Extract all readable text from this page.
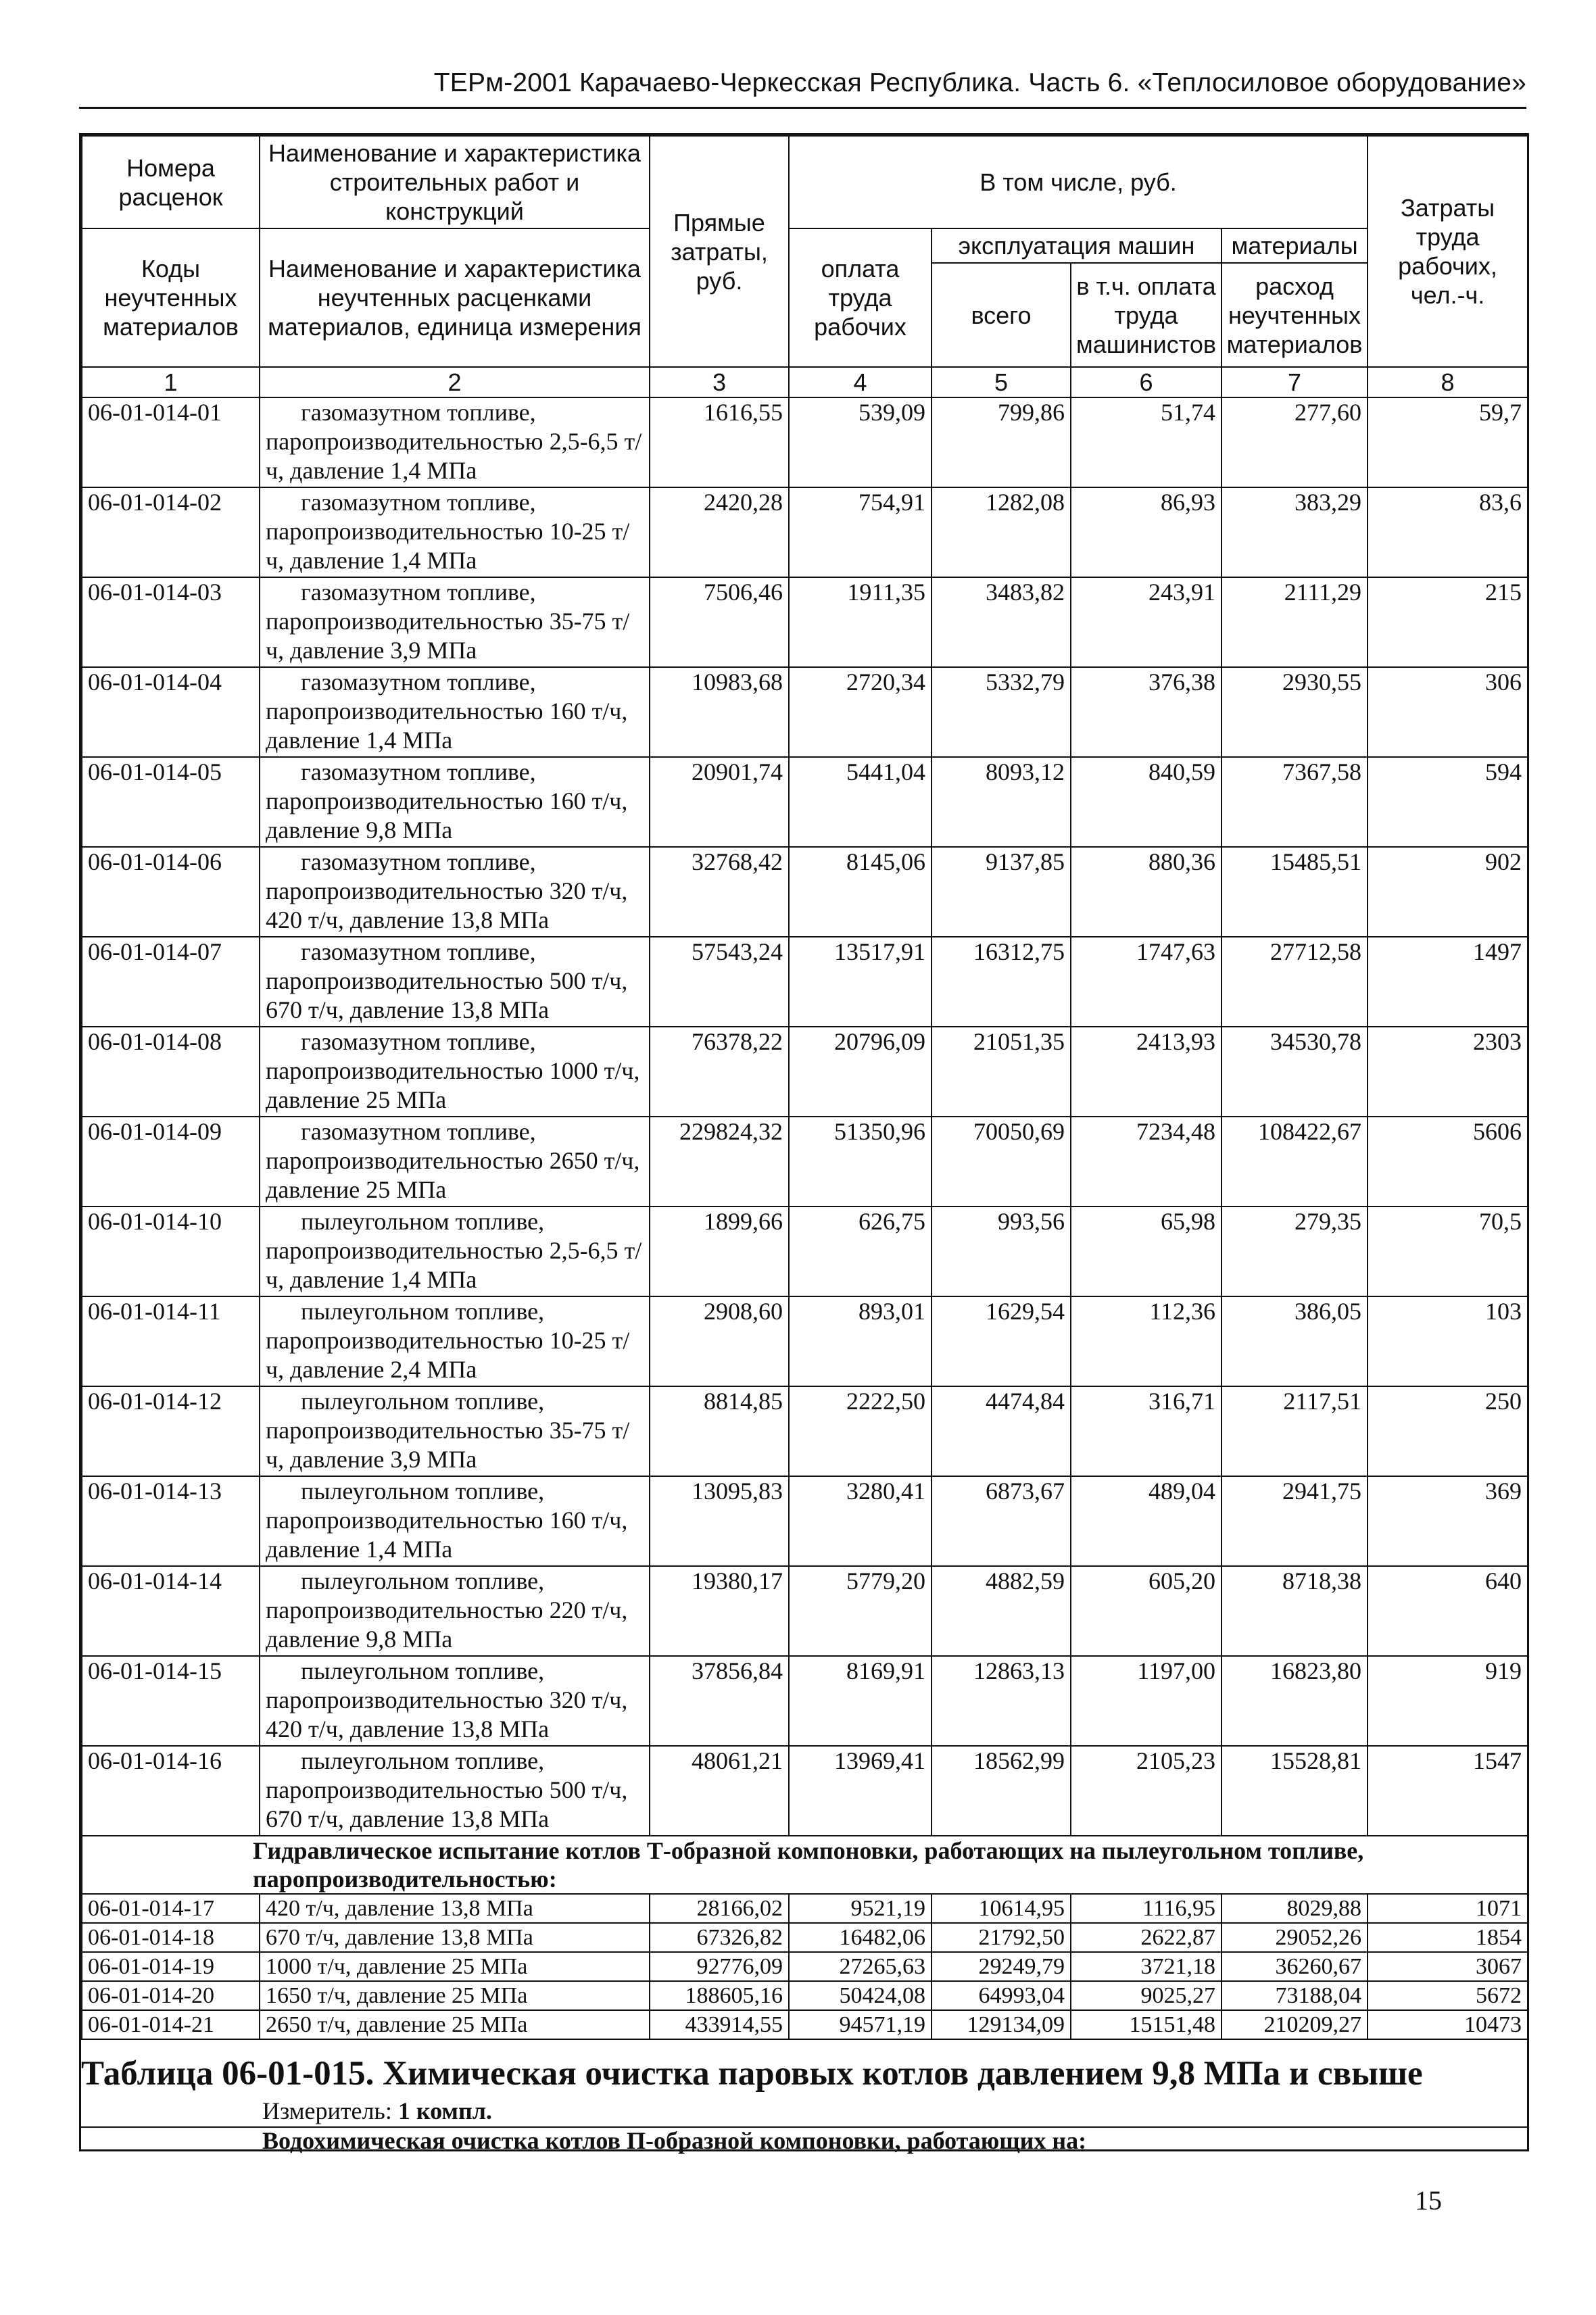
ТЕРм-2001 Карачаево-Черкесская Республика. Часть 6. «Теплосиловое оборудование»
Номера расценок	Наименование и характеристика строительных работ и конструкций	Прямые затраты, руб.	В том числе, руб.				Затраты труда рабочих, чел.-ч.
Коды неучтенных материалов	Наименование и характеристика неучтенных расценками материалов, единица измерения		оплата труда рабочих	эксплуатация машин		материалы	
				всего	в т.ч. оплата труда машинистов	расход неучтенных материалов	
1	2	3	4	5	6	7	8
06-01-014-01	газомазутном топливе, паропроизводительностью 2,5-6,5 т/ч, давление 1,4 МПа	1616,55	539,09	799,86	51,74	277,60	59,7
06-01-014-02	газомазутном топливе, паропроизводительностью 10-25 т/ч, давление 1,4 МПа	2420,28	754,91	1282,08	86,93	383,29	83,6
06-01-014-03	газомазутном топливе, паропроизводительностью 35-75 т/ч, давление 3,9 МПа	7506,46	1911,35	3483,82	243,91	2111,29	215
06-01-014-04	газомазутном топливе, паропроизводительностью 160 т/ч, давление 1,4 МПа	10983,68	2720,34	5332,79	376,38	2930,55	306
06-01-014-05	газомазутном топливе, паропроизводительностью 160 т/ч, давление 9,8 МПа	20901,74	5441,04	8093,12	840,59	7367,58	594
06-01-014-06	газомазутном топливе, паропроизводительностью 320 т/ч, 420 т/ч, давление 13,8 МПа	32768,42	8145,06	9137,85	880,36	15485,51	902
06-01-014-07	газомазутном топливе, паропроизводительностью 500 т/ч, 670 т/ч, давление 13,8 МПа	57543,24	13517,91	16312,75	1747,63	27712,58	1497
06-01-014-08	газомазутном топливе, паропроизводительностью 1000 т/ч, давление 25 МПа	76378,22	20796,09	21051,35	2413,93	34530,78	2303
06-01-014-09	газомазутном топливе, паропроизводительностью 2650 т/ч, давление 25 МПа	229824,32	51350,96	70050,69	7234,48	108422,67	5606
06-01-014-10	пылеугольном топливе, паропроизводительностью 2,5-6,5 т/ч, давление 1,4 МПа	1899,66	626,75	993,56	65,98	279,35	70,5
06-01-014-11	пылеугольном топливе, паропроизводительностью 10-25 т/ч, давление 2,4 МПа	2908,60	893,01	1629,54	112,36	386,05	103
06-01-014-12	пылеугольном топливе, паропроизводительностью 35-75 т/ч, давление 3,9 МПа	8814,85	2222,50	4474,84	316,71	2117,51	250
06-01-014-13	пылеугольном топливе, паропроизводительностью 160 т/ч, давление 1,4 МПа	13095,83	3280,41	6873,67	489,04	2941,75	369
06-01-014-14	пылеугольном топливе, паропроизводительностью 220 т/ч, давление 9,8 МПа	19380,17	5779,20	4882,59	605,20	8718,38	640
06-01-014-15	пылеугольном топливе, паропроизводительностью 320 т/ч, 420 т/ч, давление 13,8 МПа	37856,84	8169,91	12863,13	1197,00	16823,80	919
06-01-014-16	пылеугольном топливе, паропроизводительностью 500 т/ч, 670 т/ч, давление 13,8 МПа	48061,21	13969,41	18562,99	2105,23	15528,81	1547
Гидравлическое испытание котлов Т-образной компоновки, работающих на пылеугольном топливе, паропроизводительностью:							
06-01-014-17	420 т/ч, давление 13,8 МПа	28166,02	9521,19	10614,95	1116,95	8029,88	1071
06-01-014-18	670 т/ч, давление 13,8 МПа	67326,82	16482,06	21792,50	2622,87	29052,26	1854
06-01-014-19	1000 т/ч, давление 25 МПа	92776,09	27265,63	29249,79	3721,18	36260,67	3067
06-01-014-20	1650 т/ч, давление 25 МПа	188605,16	50424,08	64993,04	9025,27	73188,04	5672
06-01-014-21	2650 т/ч, давление 25 МПа	433914,55	94571,19	129134,09	15151,48	210209,27	10473
Таблица 06-01-015. Химическая очистка паровых котлов давлением 9,8 МПа и свыше
Измеритель: 1 компл.
Водохимическая очистка котлов П-образной компоновки, работающих на:
15
